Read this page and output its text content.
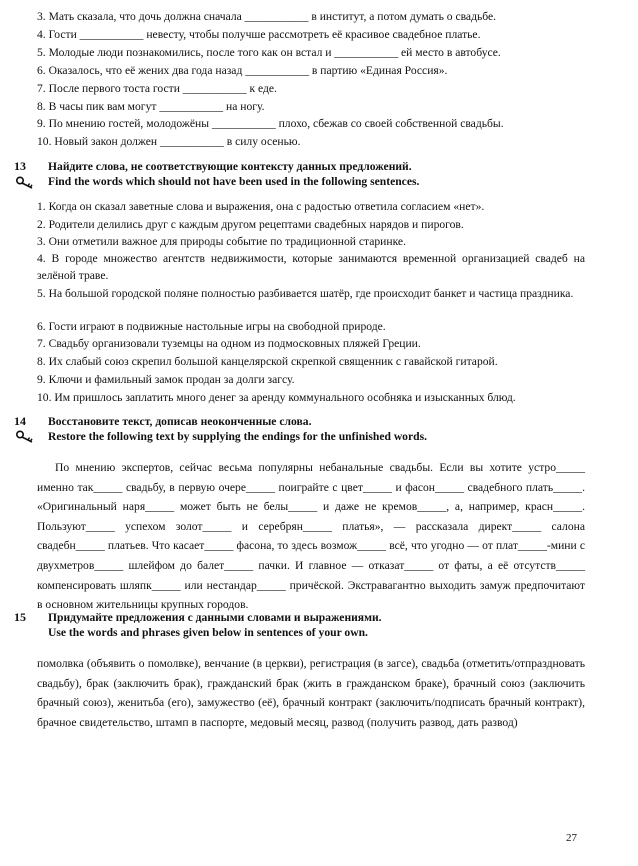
3. Мать сказала, что дочь должна сначала ___________ в институт, а потом думать о свадьбе.
4. Гости ___________ невесту, чтобы получше рассмотреть её красивое свадебное платье.
5. Молодые люди познакомились, после того как он встал и ___________ ей место в автобусе.
6. Оказалось, что её жених два года назад ___________ в партию «Единая Россия».
7. После первого тоста гости ___________ к еде.
8. В часы пик вам могут ___________ на ногу.
9. По мнению гостей, молодожёны ___________ плохо, сбежав со своей собственной свадьбы.
10. Новый закон должен ___________ в силу осенью.
13 Найдите слова, не соответствующие контексту данных предложений.
Find the words which should not have been used in the following sentences.
1. Когда он сказал заветные слова и выражения, она с радостью ответила согласием «нет».
2. Родители делились друг с каждым другом рецептами свадебных нарядов и пирогов.
3. Они отметили важное для природы событие по традиционной старинке.
4. В городе множество агентств недвижимости, которые занимаются временной организацией свадеб на зелёной траве.
5. На большой городской поляне полностью разбивается шатёр, где происходит банкет и частица праздника.
6. Гости играют в подвижные настольные игры на свободной природе.
7. Свадьбу организовали туземцы на одном из подмосковных пляжей Греции.
8. Их слабый союз скрепил большой канцелярской скрепкой священник с гавайской гитарой.
9. Ключи и фамильный замок продан за долги загсу.
10. Им пришлось заплатить много денег за аренду коммунального особняка и изысканных блюд.
14 Восстановите текст, дописав неоконченные слова.
Restore the following text by supplying the endings for the unfinished words.
По мнению экспертов, сейчас весьма популярны небанальные свадьбы. Если вы хотите устро_____ именно так_____ свадьбу, в первую очере_____ поиграйте с цвет_____ и фасон_____ свадебного плать_____. «Оригинальный наря_____ может быть не белы_____ и даже не кремов_____, а, например, красн_____. Пользуют_____ успехом золот_____ и серебрян_____ платья», — рассказала директ_____ салона свадебн_____ платьев. Что касает_____ фасона, то здесь возмож_____ всё, что угодно — от плат_____-мини с двухметров_____ шлейфом до балет_____ пачки. И главное — отказат_____ от фаты, а её отсутств_____ компенсировать шляпк_____ или нестандар_____ причёской. Экстравагантно выходить замуж предпочитают в основном жительницы крупных городов.
15 Придумайте предложения с данными словами и выражениями.
Use the words and phrases given below in sentences of your own.
помолвка (объявить о помолвке), венчание (в церкви), регистрация (в загсе), свадьба (отметить/отпраздновать свадьбу), брак (заключить брак), гражданский брак (жить в гражданском браке), брачный союз (заключить брачный союз), женитьба (его), замужество (её), брачный контракт (заключить/подписать брачный контракт), брачное свидетельство, штамп в паспорте, медовый месяц, развод (получить развод, дать развод)
27
